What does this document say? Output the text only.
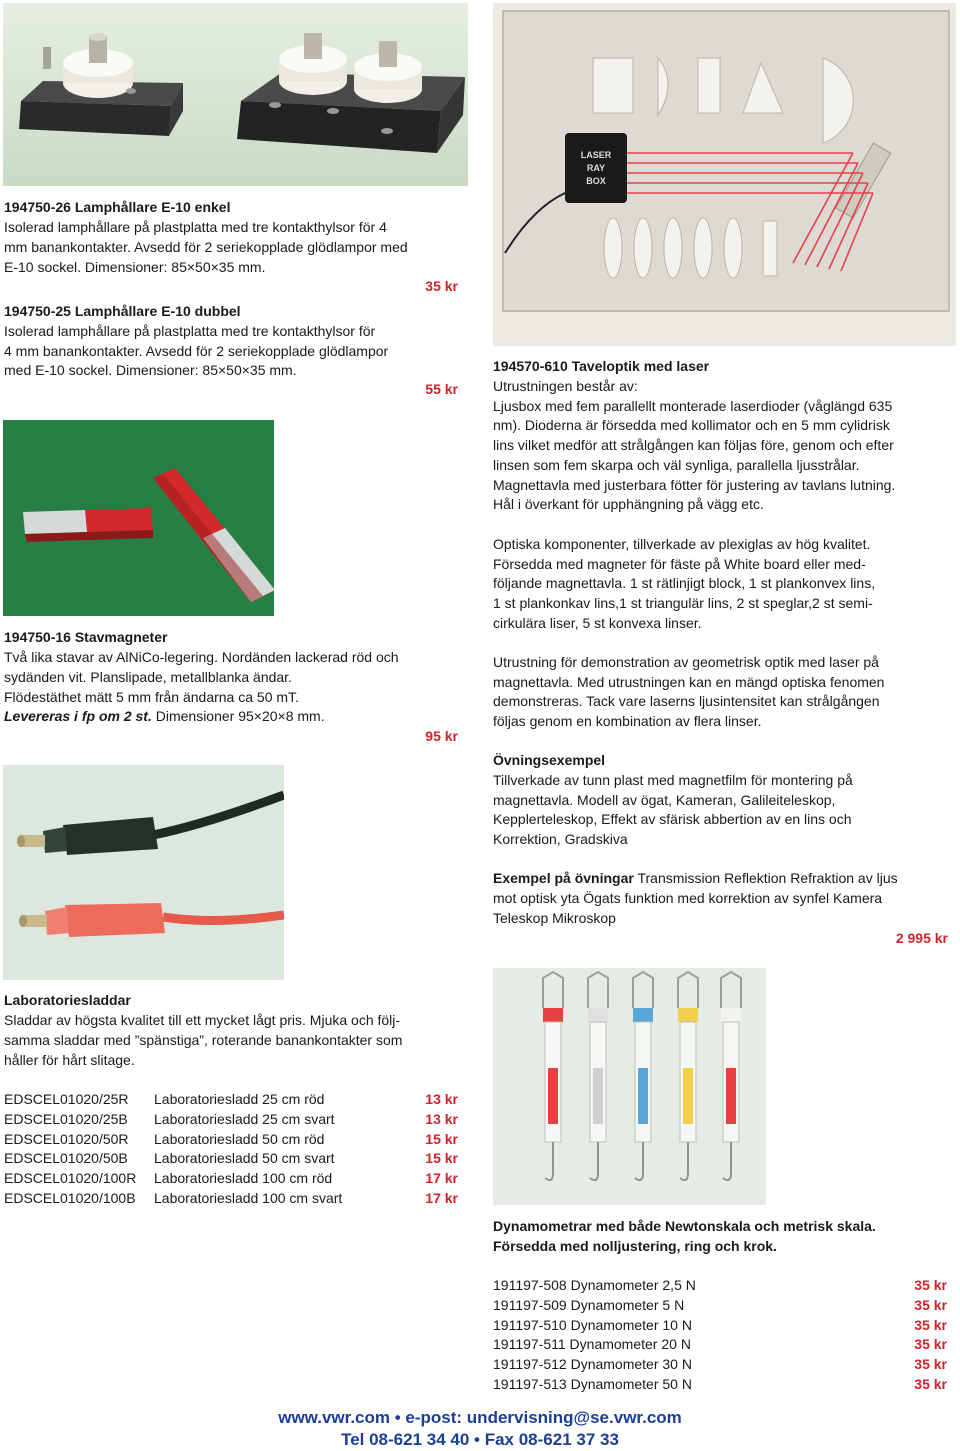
LASER
RAY
BOX
194750-26 Lamphållare E-10 enkel
Isolerad lamphållare på plastplatta med tre kontakthylsor för 4
mm banankontakter. Avsedd för 2 seriekopplade glödlampor med
E-10 sockel. Dimensioner: 85×50×35 mm.
35 kr
194750-25 Lamphållare E-10 dubbel
Isolerad lamphållare på plastplatta med tre kontakthylsor för
4 mm banankontakter. Avsedd för 2 seriekopplade glödlampor
med E-10 sockel. Dimensioner: 85×50×35 mm.
55 kr
194750-16 Stavmagneter
Två lika stavar av AlNiCo-legering. Nordänden lackerad röd och
sydänden vit. Planslipade, metallblanka ändar.
Flödestäthet mätt 5 mm från ändarna ca 50 mT.
Levereras i fp om 2 st. Dimensioner 95×20×8 mm.
95 kr
Laboratoriesladdar
Sladdar av högsta kvalitet till ett mycket lågt pris. Mjuka och följ-
samma sladdar med ”spänstiga”, roterande banankontakter som
håller för hårt slitage.
EDSCEL01020/25R Laboratoriesladd 25 cm röd	13 kr
EDSCEL01020/25B Laboratoriesladd 25 cm svart	13 kr
EDSCEL01020/50R Laboratoriesladd 50 cm röd	15 kr
EDSCEL01020/50B Laboratoriesladd 50 cm svart	15 kr
EDSCEL01020/100R Laboratoriesladd 100 cm röd	17 kr
EDSCEL01020/100B Laboratoriesladd 100 cm svart	17 kr
194570-610 Taveloptik med laser
Utrustningen består av:
Ljusbox med fem parallellt monterade laserdioder (våglängd 635
nm). Dioderna är försedda med kollimator och en 5 mm cylidrisk
lins vilket medför att strålgången kan följas före, genom och efter
linsen som fem skarpa och väl synliga, parallella ljusstrålar.
Magnettavla med justerbara fötter för justering av tavlans lutning.
Hål i överkant för upphängning på vägg etc.
Optiska komponenter, tillverkade av plexiglas av hög kvalitet.
Försedda med magneter för fäste på White board eller med-
följande magnettavla. 1 st rätlinjigt block, 1 st plankonvex lins,
1 st plankonkav lins,1 st triangulär lins, 2 st speglar,2 st semi-
cirkulära liser, 5 st konvexa linser.
Utrustning för demonstration av geometrisk optik med laser på
magnettavla. Med utrustningen kan en mängd optiska fenomen
demonstreras. Tack vare laserns ljusintensitet kan strålgången
följas genom en kombination av flera linser.
Övningsexempel
Tillverkade av tunn plast med magnetfilm för montering på
magnettavla. Modell av ögat, Kameran, Galileiteleskop,
Kepplerteleskop, Effekt av sfärisk abbertion av en lins och
Korrektion, Gradskiva
Exempel på övningar Transmission Reflektion Refraktion av ljus
mot optisk yta Ögats funktion med korrektion av synfel Kamera
Teleskop Mikroskop
2 995 kr
Dynamometrar med både Newtonskala och metrisk skala.
Försedda med nolljustering, ring och krok.
191197-508 Dynamometer 2,5 N	35 kr
191197-509 Dynamometer 5 N	35 kr
191197-510 Dynamometer 10 N	35 kr
191197-511 Dynamometer 20 N	35 kr
191197-512 Dynamometer 30 N	35 kr
191197-513 Dynamometer 50 N	35 kr
www.vwr.com • e-post: undervisning@se.vwr.com
Tel 08-621 34 40 • Fax 08-621 37 33
